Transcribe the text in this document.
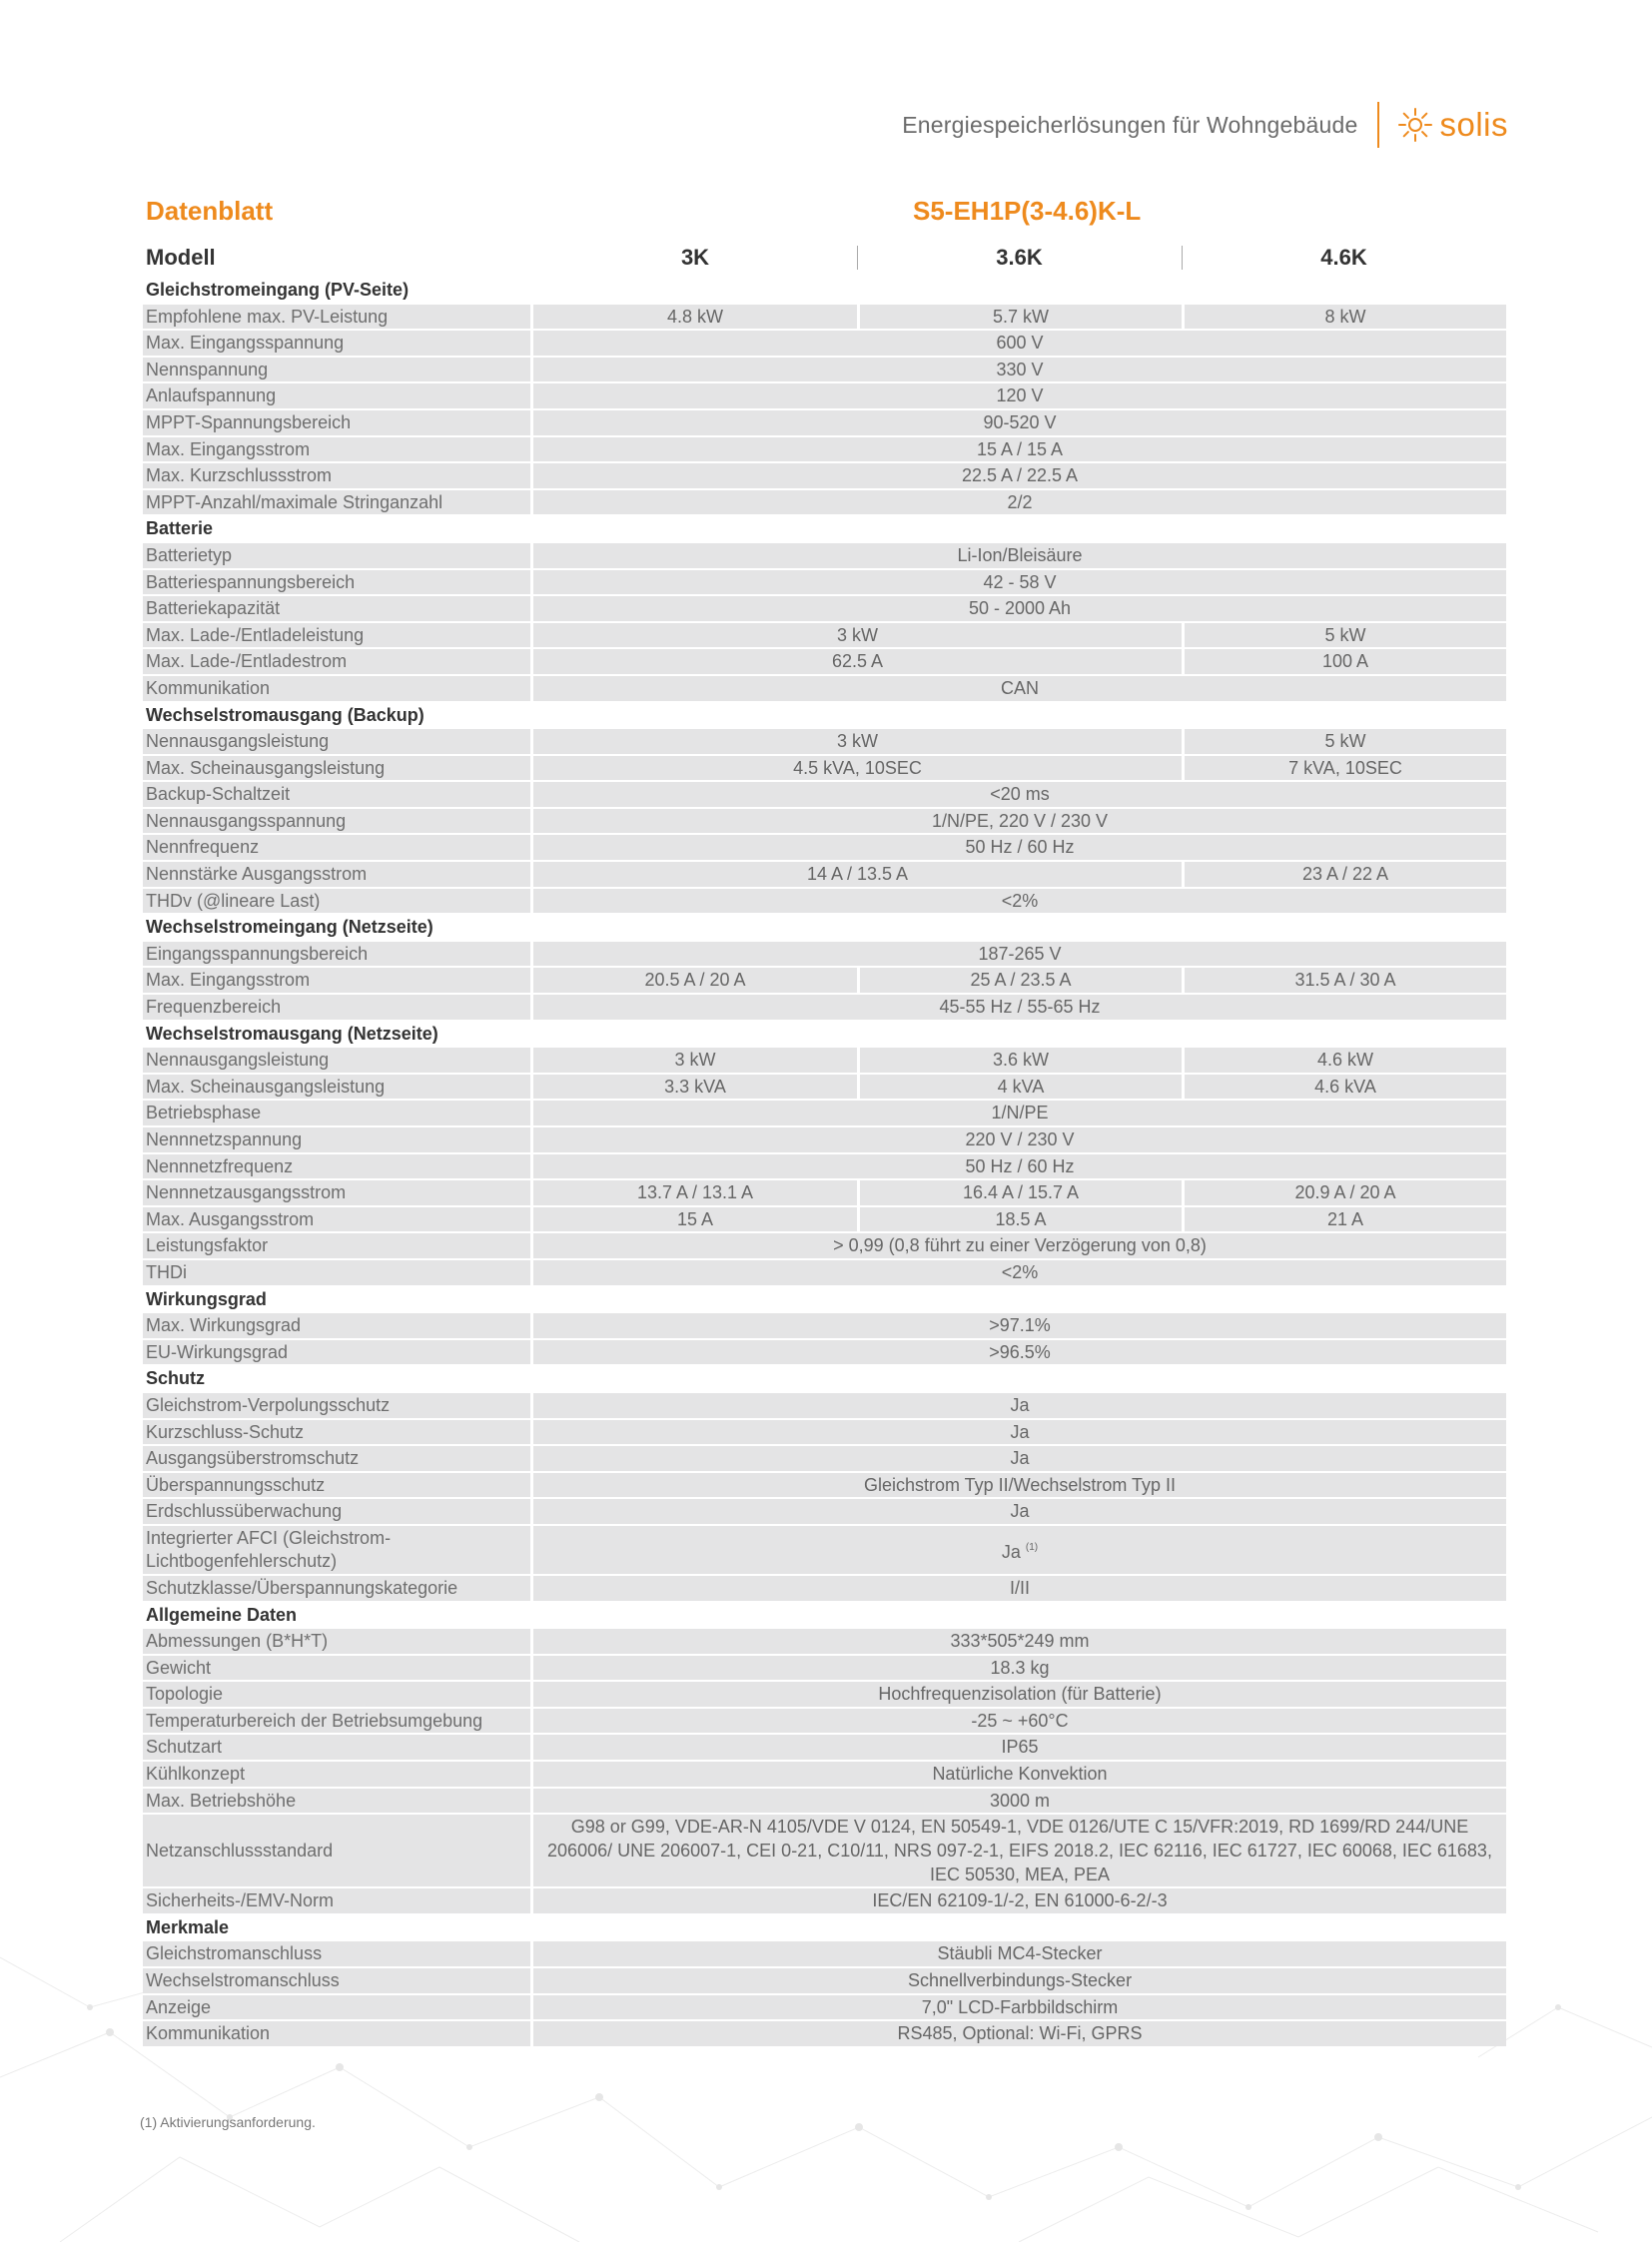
Energiespeicherlösungen für Wohngebäude solis
Datenblatt	S5-EH1P(3-4.6)K-L
Modell	3K	3.6K	4.6K
Gleichstromeingang (PV-Seite)			
Empfohlene max. PV-Leistung	4.8 kW	5.7 kW	8 kW
Max. Eingangsspannung	600 V		
Nennspannung	330 V		
Anlaufspannung	120 V		
MPPT-Spannungsbereich	90-520 V		
Max. Eingangsstrom	15 A / 15 A		
Max. Kurzschlussstrom	22.5 A / 22.5 A		
MPPT-Anzahl/maximale Stringanzahl	2/2		
Batterie			
Batterietyp	Li-Ion/Bleisäure		
Batteriespannungsbereich	42 - 58 V		
Batteriekapazität	50 - 2000 Ah		
Max. Lade-/Entladeleistung	3 kW		5 kW
Max. Lade-/Entladestrom	62.5 A		100 A
Kommunikation	CAN		
Wechselstromausgang (Backup)			
Nennausgangsleistung	3 kW		5 kW
Max. Scheinausgangsleistung	4.5 kVA, 10SEC		7 kVA, 10SEC
Backup-Schaltzeit	<20 ms		
Nennausgangsspannung	1/N/PE, 220 V / 230 V		
Nennfrequenz	50 Hz / 60 Hz		
Nennstärke Ausgangsstrom	14 A / 13.5 A		23 A / 22 A
THDv (@lineare Last)	<2%		
Wechselstromeingang (Netzseite)			
Eingangsspannungsbereich	187-265 V		
Max. Eingangsstrom	20.5 A / 20 A	25 A / 23.5 A	31.5 A / 30 A
Frequenzbereich	45-55 Hz / 55-65 Hz		
Wechselstromausgang (Netzseite)			
Nennausgangsleistung	3 kW	3.6 kW	4.6 kW
Max. Scheinausgangsleistung	3.3 kVA	4 kVA	4.6 kVA
Betriebsphase	1/N/PE		
Nennnetzspannung	220 V / 230 V		
Nennnetzfrequenz	50 Hz / 60 Hz		
Nennnetzausgangsstrom	13.7 A / 13.1 A	16.4 A / 15.7 A	20.9 A / 20 A
Max. Ausgangsstrom	15 A	18.5 A	21 A
Leistungsfaktor	> 0,99 (0,8 führt zu einer Verzögerung von 0,8)		
THDi	<2%		
Wirkungsgrad			
Max. Wirkungsgrad	>97.1%		
EU-Wirkungsgrad	>96.5%		
Schutz			
Gleichstrom-Verpolungsschutz	Ja		
Kurzschluss-Schutz	Ja		
Ausgangsüberstromschutz	Ja		
Überspannungsschutz	Gleichstrom Typ II/Wechselstrom Typ II		
Erdschlussüberwachung	Ja		
Integrierter AFCI (Gleichstrom-Lichtbogenfehlerschutz)	Ja $^{(1)}$
Schutzklasse/Überspannungskategorie	I/II		
Allgemeine Daten			
Abmessungen (B*H*T)	333*505*249 mm		
Gewicht	18.3 kg		
Topologie	Hochfrequenzisolation (für Batterie)		
Temperaturbereich der Betriebsumgebung	-25 ~ +60°C		
Schutzart	IP65		
Kühlkonzept	Natürliche Konvektion		
Max. Betriebshöhe	3000 m		
Netzanschlussstandard	G98 or G99, VDE-AR-N 4105/VDE V 0124, EN 50549-1, VDE 0126/UTE C 15/VFR:2019, RD 1699/RD 244/UNE 206006/ UNE 206007-1, CEI 0-21, C10/11, NRS 097-2-1, EIFS 2018.2, IEC 62116, IEC 61727, IEC 60068, IEC 61683, IEC 50530, MEA, PEA		
Sicherheits-/EMV-Norm	IEC/EN 62109-1/-2, EN 61000-6-2/-3		
Merkmale			
Gleichstromanschluss	Stäubli MC4-Stecker		
Wechselstromanschluss	Schnellverbindungs-Stecker		
Anzeige	7,0" LCD-Farbbildschirm		
Kommunikation	RS485, Optional: Wi-Fi, GPRS		
(1) Aktivierungsanforderung.
